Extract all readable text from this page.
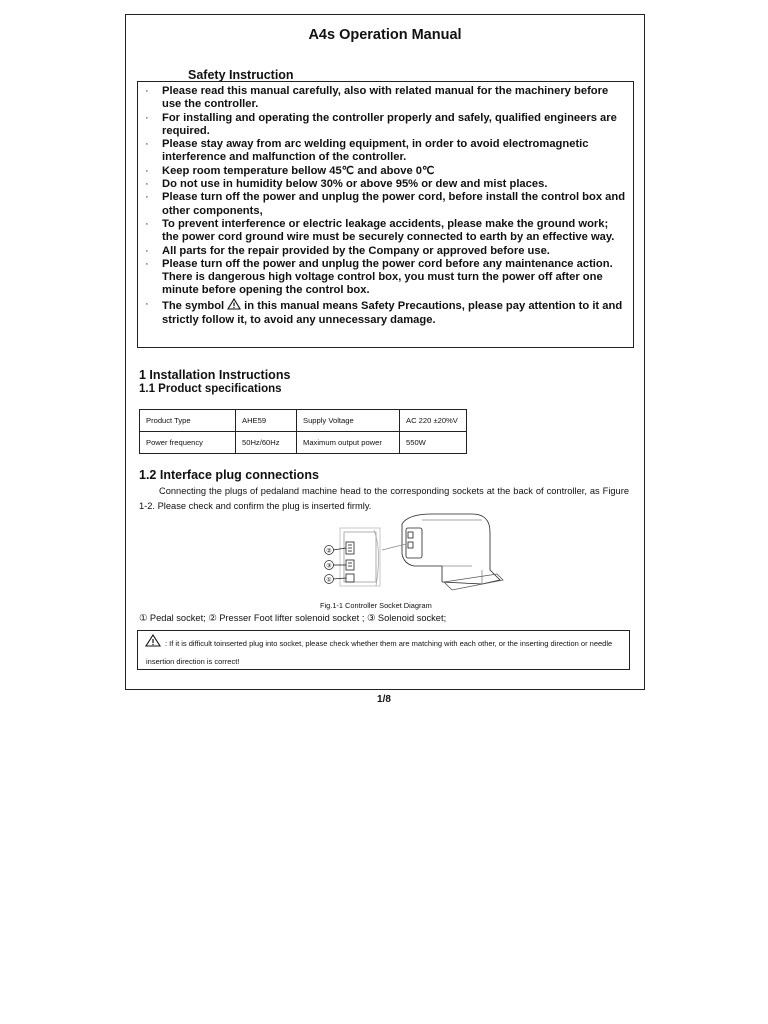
A4s Operation Manual
Safety Instruction
· Please read this manual carefully, also with related manual for the machinery before use the controller.
· For installing and operating the controller properly and safely, qualified engineers are required.
· Please stay away from arc welding equipment, in order to avoid electromagnetic interference and malfunction of the controller.
· Keep room temperature bellow 45℃ and above 0℃
· Do not use in humidity below 30% or above 95% or dew and mist places.
· Please turn off the power and unplug the power cord, before install the control box and other components,
· To prevent interference or electric leakage accidents, please make the ground work; the power cord ground wire must be securely connected to earth by an effective way.
· All parts for the repair provided by the Company or approved before use.
· Please turn off the power and unplug the power cord before any maintenance action. There is dangerous high voltage control box, you must turn the power off after one minute before opening the control box.
· The symbol in this manual means Safety Precautions, please pay attention to it and strictly follow it, to avoid any unnecessary damage.
1 Installation Instructions
1.1 Product specifications
Product Type	AHE59	Supply Voltage	AC 220 ±20%V
Power frequency	50Hz/60Hz	Maximum output power	550W
1.2 Interface plug connections
Connecting the plugs of pedaland machine head to the corresponding sockets at the back of controller, as Figure 1-2. Please check and confirm the plug is inserted firmly.
②
③
①
Fig.1-1 Controller Socket Diagram
① Pedal socket; ② Presser Foot lifter solenoid socket ; ③ Solenoid socket;
: If it is difficult toinserted plug into socket, please check whether them are matching with each other, or the inserting direction or needle insertion direction is correct!
1/8
